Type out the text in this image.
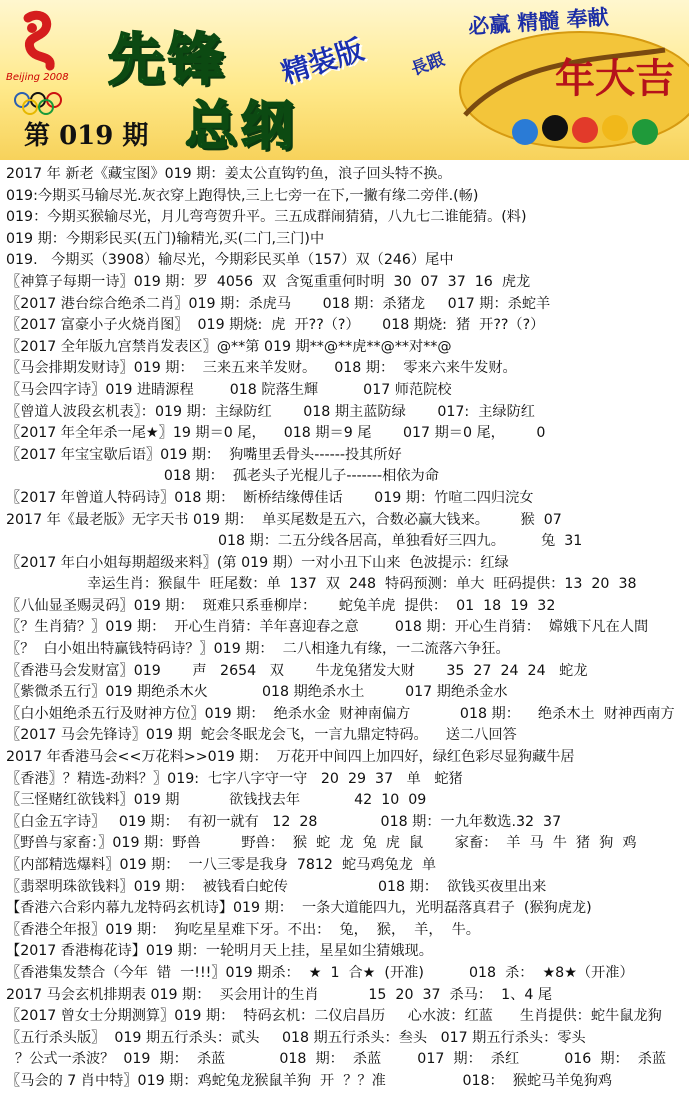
Beijing 2008 先锋
总纲
精装版
第 019 期
年大吉
必赢 精髓 奉献
長跟
2017 年 新老《藏宝图》019 期：姜太公直钩钓鱼，浪子回头特不换。
019:今期买马输尽光.灰衣穿上跑得快,三上七旁一在下,一撇有缘二旁伴.(畅)
019：今期买猴输尽光，月儿弯弯贺升平。三五成群闹猜猜，八九七二谁能猜。(料)
019 期：今期彩民买(五门)输精光,买(二门,三门)中
019.   今期买（3908）输尽光，今期彩民买单（157）双（246）尾中
〖神算子每期一诗〗019 期：罗  4056  双  含冤重重何时明  30  07  37  16  虎龙
〖2017 港台综合绝杀二肖〗019 期：杀虎马       018 期：杀猪龙     017 期：杀蛇羊
〖2017 富豪小子火烧肖图〗  019 期烧:  虎  开??（?）     018 期烧:  猪  开??（?）
〖2017 全年版九宫禁肖发表区〗@**第 019 期**@**虎**@**对**@
〖马会排期发财诗〗019 期：  三来五来羊发财。    018 期：  零来六来牛发财。
〖马会四字诗〗019 进睛源程        018 院落生輝          017 师范院校
〖曾道人波段玄机表〗：019 期：主绿防红       018 期主蓝防绿       017:  主绿防红
〖2017 年全年杀一尾★〗19 期＝0 尾，    018 期＝9 尾       017 期＝0 尾，       0
〖2017 年宝宝歇后语〗019 期：  狗嘴里丢骨头------投其所好
018 期：  孤老头子光棍儿子-------相依为命
〖2017 年曾道人特码诗〗018 期：  断桥结缘傅佳话       019 期：竹喧二四归浣女
2017 年《最老版》无字天书 019 期：  单买尾数是五六，合数必赢大钱来。       猴  07
018 期：二五分线各居高，单独看好三四九。        兔  31
〖2017 年白小姐每期超级来料〗(第 019 期）一对小丑下山来  色波提示：红绿
幸运生肖：猴鼠牛  旺尾数：单  137  双  248  特码预测：单大  旺码提供：13  20  38
〖八仙显圣赐灵码〗019 期：  斑难只系垂柳岸：     蛇兔羊虎  提供：  01  18  19  32
〖？生肖猜？〗019 期：  开心生肖猜：羊年喜迎春之意        018 期：开心生肖猜：  嫦娥下凡在人間
〖？  白小姐出特赢钱特码诗？〗019 期：  二八相逢九有缘，一二流落六争狂。
〖香港马会发财富〗019       声   2654   双       牛龙兔猪发大财       35  27  24  24   蛇龙
〖紫微杀五行〗019 期绝杀木火            018 期绝杀水土         017 期绝杀金水
〖白小姐绝杀五行及财神方位〗019 期：  绝杀水金  财神南偏方           018 期：    绝杀木土  财神西南方
〖2017 马会先锋诗〗019 期  蛇会冬眠龙会飞，一言九鼎定特码。    送二八回答
2017 年香港马会<<万花料>>019 期：  万花开中间四上加四好，绿红色彩尽显狗藏牛居
〖香港〗？精选-劲料？〗019:  七字八字守一守   20  29  37   单   蛇猪
〖三怪赌红欲钱料〗019 期           欲钱找去年            42  10  09
〖白金五字诗〗   019 期：  有初一就有   12  28              018 期：一九年数选.32  37
〖野兽与家畜：〗019 期：野兽         野兽：  猴  蛇  龙  兔  虎  鼠       家畜：  羊  马  牛  猪  狗  鸡
〖内部精选爆料〗019 期：  一八三零是我身  7812  蛇马鸡兔龙  单
〖翡翠明珠欲钱料〗019 期：  被钱看白蛇传                    018 期：  欲钱买夜里出来
【香港六合彩内幕九龙特码玄机诗】019 期：  一条大道能四九，光明磊落真君子  (猴狗虎龙)
〖香港仝年报〗019 期：  狗吃星星难下牙。不出：  兔，  猴，  羊，  牛。
【2017 香港梅花诗】019 期：一轮明月天上挂，星星如尘猜娥现。
〖香港集发禁合（今年  错  一!!!〗019 期杀：  ★  1  合★  (开准)          018  杀：  ★8★（开准）
2017 马会玄机排期表 019 期：  买会用计的生肖           15  20  37  杀马：  1、4 尾
〖2017 曾女士分期测算〗019 期：  特码玄机：二仪启昌历     心水波：红蓝      生肖提供：蛇牛鼠龙狗
〖五行杀头版〗  019 期五行杀头：贰头     018 期五行杀头：叁头   017 期五行杀头：零头
？公式一杀波？  019  期：  杀蓝            018  期：  杀蓝        017  期：  杀红          016  期：  杀蓝
〖马会的 7 肖中特〗019 期：鸡蛇兔龙猴鼠羊狗  开  ？？准                 018：  猴蛇马羊兔狗鸡
